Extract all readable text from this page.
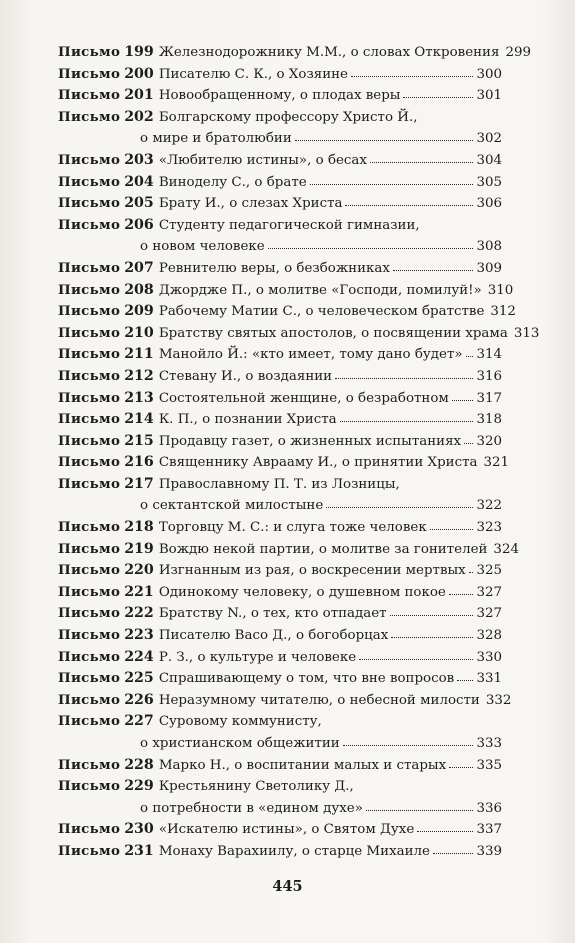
Письмо 199 Железнодорожнику М.М., о словах Откровения 299
Письмо 200 Писателю С. К., о Хозяине	300
Письмо 201 Новообращенному, о плодах веры	301
Письмо 202 Болгарскому профессору Христо Й.,
о мире и братолюбии	302
Письмо 203 «Любителю истины», о бесах	304
Письмо 204 Виноделу С., о брате	305
Письмо 205 Брату И., о слезах Христа	306
Письмо 206 Студенту педагогической гимназии,
о новом человеке	308
Письмо 207 Ревнителю веры, о безбожниках	309
Письмо 208 Джордже П., о молитве «Господи, помилуй!» 310
Письмо 209 Рабочему Матии С., о человеческом братстве 312
Письмо 210 Братству святых апостолов, о посвящении храма 313
Письмо 211 Манойло Й.: «кто имеет, тому дано будет» 314
Письмо 212 Стевану И., о воздаянии	316
Письмо 213 Состоятельной женщине, о безработном 317
Письмо 214 К. П., о познании Христа	318
Письмо 215 Продавцу газет, о жизненных испытаниях 320
Письмо 216 Священнику Аврааму И., о принятии Христа 321
Письмо 217 Православному П. Т. из Лозницы,
о сектантской милостыне	322
Письмо 218 Торговцу М. С.: и слуга тоже человек	323
Письмо 219 Вождю некой партии, о молитве за гонителей 324
Письмо 220 Изгнанным из рая, о воскресении мертвых 325
Письмо 221 Одинокому человеку, о душевном покое 327
Письмо 222 Братству N., о тех, кто отпадает	327
Письмо 223 Писателю Васо Д., о богоборцах	328
Письмо 224 Р. З., о культуре и человеке	330
Письмо 225 Спрашивающему о том, что вне вопросов 331
Письмо 226 Неразумному читателю, о небесной милости 332
Письмо 227 Суровому коммунисту,
о христианском общежитии	333
Письмо 228 Марко Н., о воспитании малых и старых 335
Письмо 229 Крестьянину Светолику Д.,
о потребности в «едином духе»	336
Письмо 230 «Искателю истины», о Святом Духе	337
Письмо 231 Монаху Варахиилу, о старце Михаиле	339
445
